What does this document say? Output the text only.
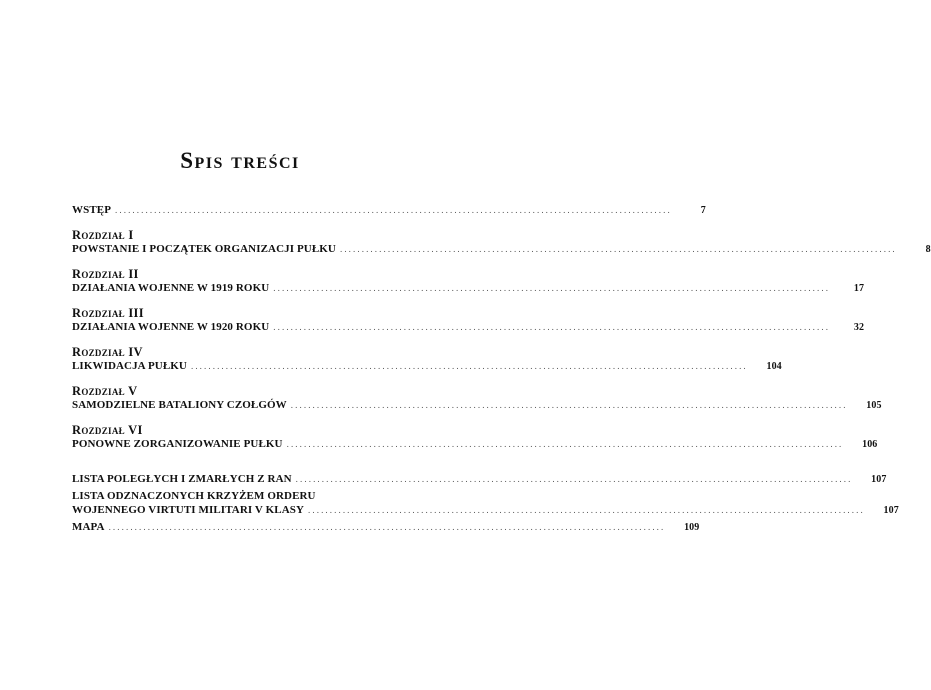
Spis treści
WSTĘP ................................................................................................................................	7
Rozdział I
POWSTANIE I POCZĄTEK ORGANIZACJI PUŁKU ................................................................................................................................	8
Rozdział II
DZIAŁANIA WOJENNE W 1919 ROKU ................................................................................................................................	17
Rozdział III
DZIAŁANIA WOJENNE W 1920 ROKU ................................................................................................................................	32
Rozdział IV
LIKWIDACJA PUŁKU ................................................................................................................................	104
Rozdział V
SAMODZIELNE BATALIONY CZOŁGÓW ................................................................................................................................	105
Rozdział VI
PONOWNE ZORGANIZOWANIE PUŁKU ................................................................................................................................	106
LISTA POLEGŁYCH I ZMARŁYCH Z RAN ................................................................................................................................	107
LISTA ODZNACZONYCH KRZYŻEM ORDERU
WOJENNEGO VIRTUTI MILITARI V KLASY ................................................................................................................................	107
MAPA ................................................................................................................................	109
